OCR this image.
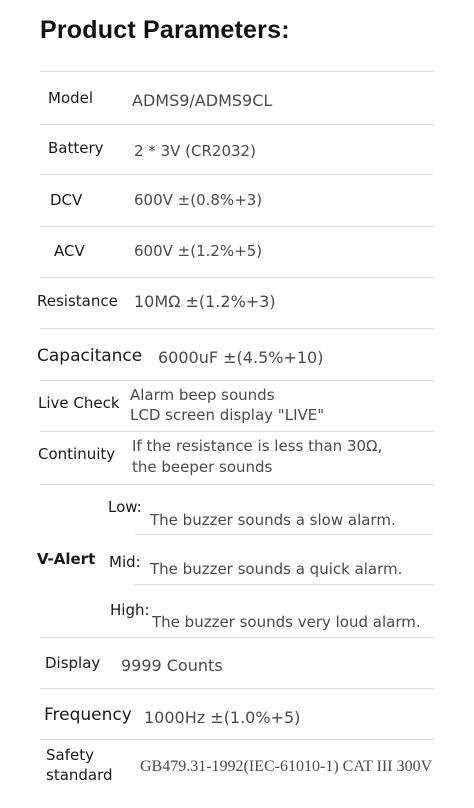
Product Parameters:
Model ADMS9/ADMS9CL
Battery 2 * 3V (CR2032)
DCV	600V ±(0.8%+3)
ACV	600V ±(1.2%+5)
Resistance 10MΩ ±(1.2%+3)
Capacitance 6000uF ±(4.5%+10)
Live Check Alarm beep sounds
LCD screen display "LIVE"
Continuity If the resistance is less than 30Ω,
the beeper sounds
V-Alert
Low:
The buzzer sounds a slow alarm.
Mid: The buzzer sounds a quick alarm.
High:
The buzzer sounds very loud alarm.
Display 9999 Counts
Frequency 1000Hz ±(1.0%+5)
Safety
standard GB479.31-1992(IEC-61010-1) CAT III 300V
